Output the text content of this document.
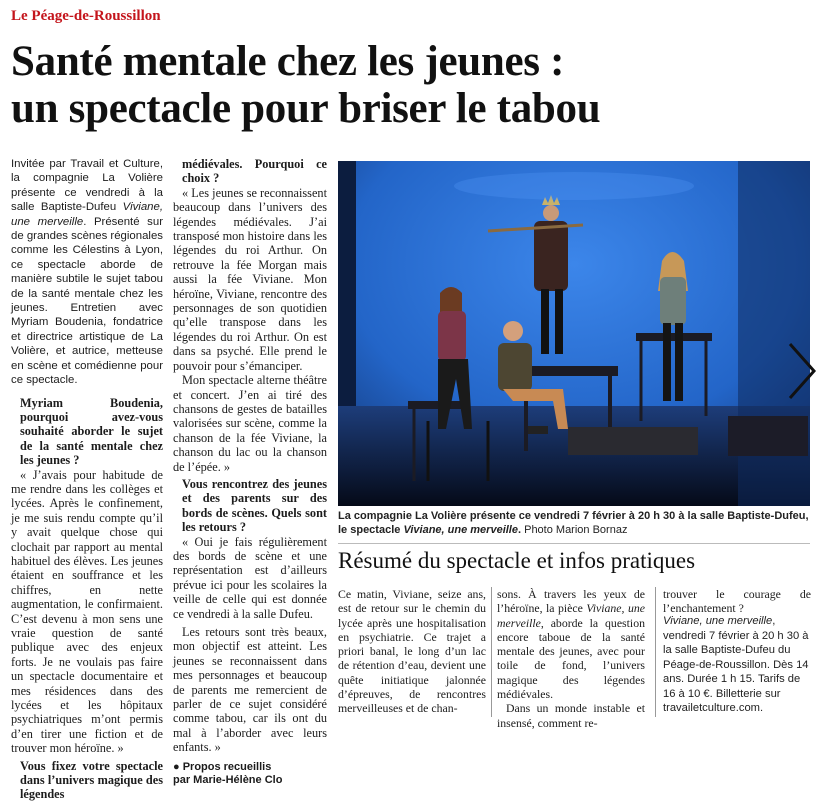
Le Péage-de-Roussillon
Santé mentale chez les jeunes :
un spectacle pour briser le tabou

Invitée par Travail et Culture, la compagnie La Volière présente ce vendredi à la salle Baptiste-Dufeu Viviane, une merveille. Présenté sur de grandes scènes régionales comme les Célestins à Lyon, ce spectacle aborde de manière subtile le sujet tabou de la santé mentale chez les jeunes. Entretien avec Myriam Boudenia, fondatrice et directrice artistique de La Volière, et autrice, metteuse en scène et comédienne pour ce spectacle.

Myriam Boudenia, pourquoi avez-vous souhaité aborder le sujet de la santé mentale chez les jeunes ?

« J’avais pour habitude de me rendre dans les collèges et lycées. Après le confinement, je me suis rendu compte qu’il y avait quelque chose qui clochait par rapport au mental habituel des élèves. Les jeunes étaient en souffrance et les chiffres, en nette augmentation, le confirmaient. C’est devenu à mon sens une vraie question de santé publique avec des enjeux forts. Je ne voulais pas faire un spectacle documentaire et mes résidences dans des lycées et les hôpitaux psychiatriques m’ont permis d’en tirer une fiction et de trouver mon héroïne. »

Vous fixez votre spectacle dans l’univers magique des légendes

médiévales. Pourquoi ce choix ?

« Les jeunes se reconnaissent beaucoup dans l’univers des légendes médiévales. J’ai transposé mon histoire dans les légendes du roi Arthur. On retrouve la fée Morgan mais aussi la fée Viviane. Mon héroïne, Viviane, rencontre des personnages de son quotidien qu’elle transpose dans les légendes du roi Arthur. On est dans sa psyché. Elle prend le pouvoir pour s’émanciper.

Mon spectacle alterne théâtre et concert. J’en ai tiré des chansons de gestes de batailles valorisées sur scène, comme la chanson de la fée Viviane, la chanson du lac ou la chanson de l’épée. »

Vous rencontrez des jeunes et des parents sur des bords de scènes. Quels sont les retours ?

« Oui je fais régulièrement des bords de scène et une représentation est d’ailleurs prévue ici pour les scolaires la veille de celle qui est donnée ce vendredi à la salle Dufeu.

Les retours sont très beaux, mon objectif est atteint. Les jeunes se reconnaissent dans mes personnages et beaucoup de parents me remercient de parler de ce sujet considéré comme tabou, car ils ont du mal à l’aborder avec leurs enfants. »

● Propos recueillis
par Marie-Hélène Clo

La compagnie La Volière présente ce vendredi 7 février à 20 h 30 à la salle Baptiste-Dufeu, le spectacle Viviane, une merveille. Photo Marion Bornaz
Résumé du spectacle et infos pratiques

Ce matin, Viviane, seize ans, est de retour sur le chemin du lycée après une hospitalisation en psychiatrie. Ce trajet a priori banal, le long d’un lac de rétention d’eau, devient une quête initiatique jalonnée d’épreuves, de rencontres merveilleuses et de chan-

sons. À travers les yeux de l’héroïne, la pièce Viviane, une merveille, aborde la question encore taboue de la santé mentale des jeunes, avec pour toile de fond, l’univers magique des légendes médiévales.

Dans un monde instable et insensé, comment re-

trouver le courage de l’enchantement ?

Viviane, une merveille, vendredi 7 février à 20 h 30 à la salle Baptiste-Dufeu du Péage-de-Roussillon. Dès 14 ans. Durée 1 h 15. Tarifs de 16 à 10 €. Billetterie sur travailetculture.com.
